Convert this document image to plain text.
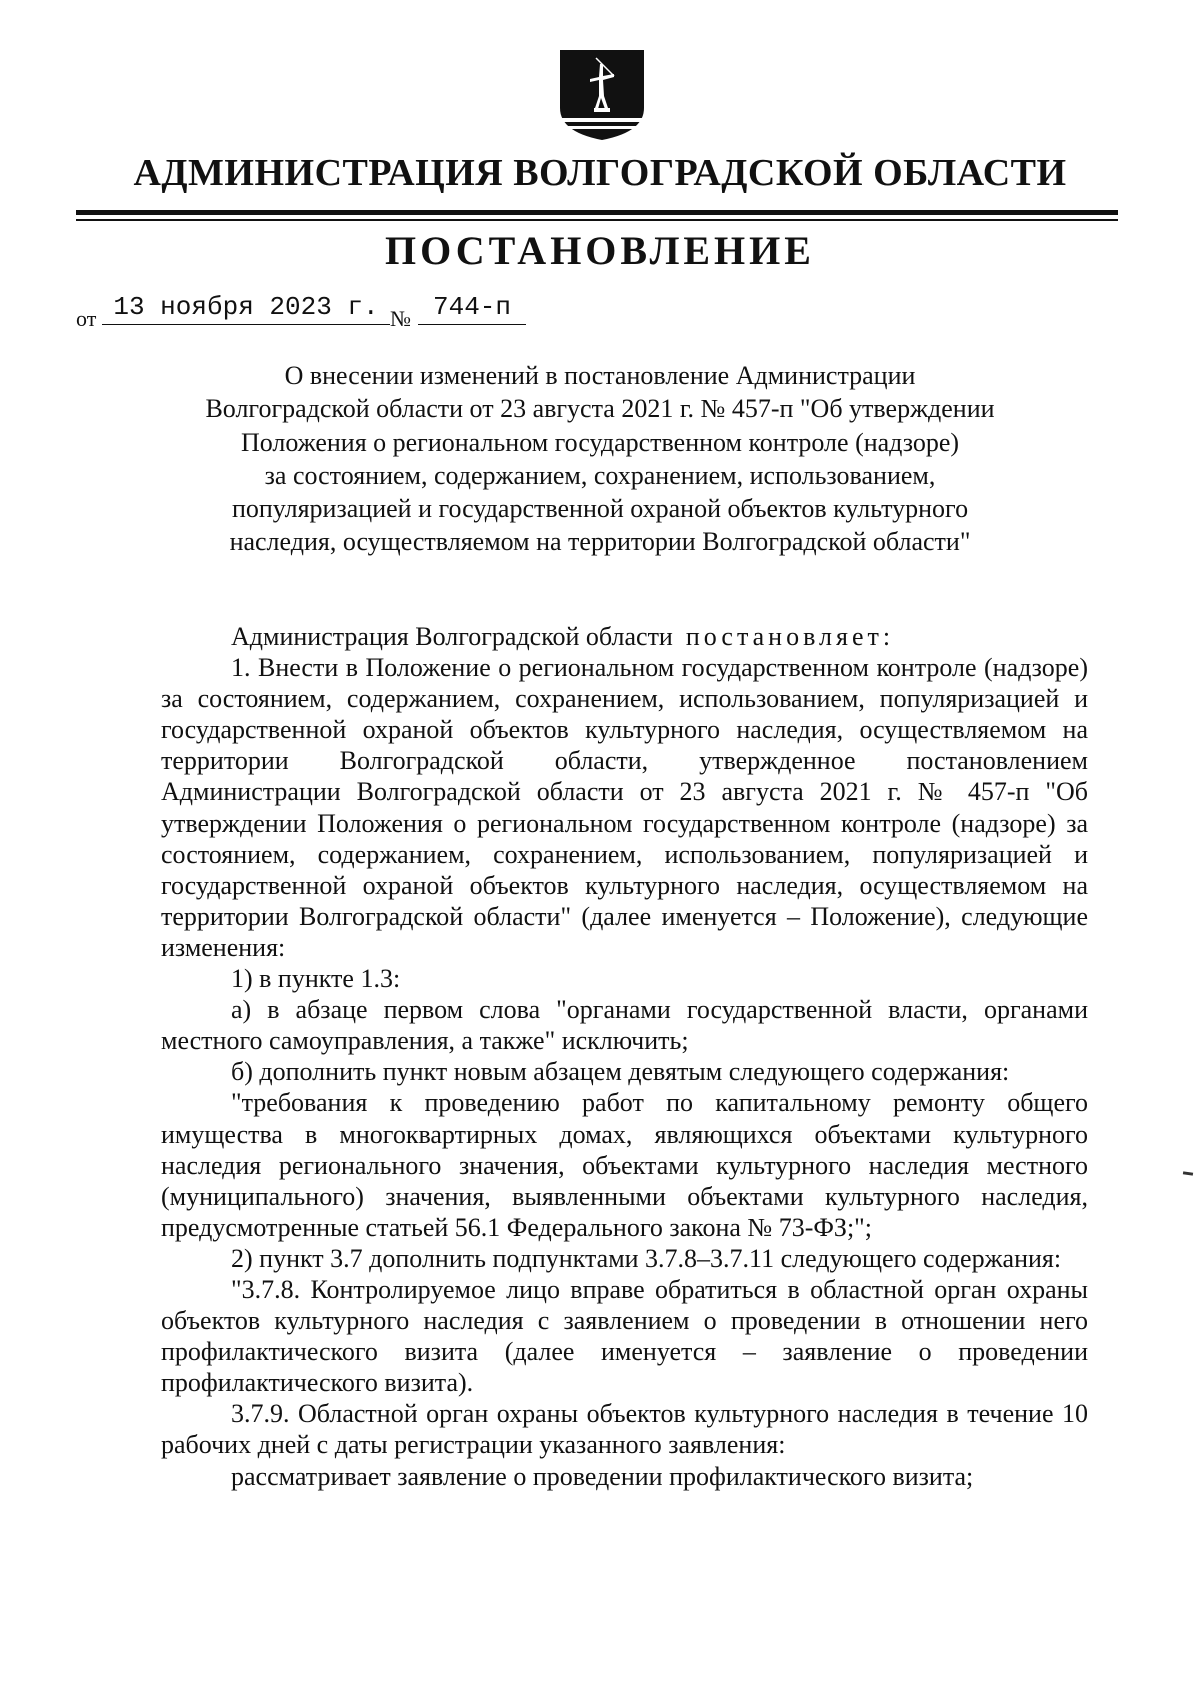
АДМИНИСТРАЦИЯ ВОЛГОГРАДСКОЙ ОБЛАСТИ
ПОСТАНОВЛЕНИЕ
от 13 ноября 2023 г. № 744-п
О внесении изменений в постановление Администрации
Волгоградской области от 23 августа 2021 г. № 457-п "Об утверждении
Положения о региональном государственном контроле (надзоре)
за состоянием, содержанием, сохранением, использованием,
популяризацией и государственной охраной объектов культурного
наследия, осуществляемом на территории Волгоградской области"

Администрация Волгоградской области постановляет:

1. Внести в Положение о региональном государственном контроле (надзоре) за состоянием, содержанием, сохранением, использованием, популяризацией и государственной охраной объектов культурного наследия, осуществляемом на территории Волгоградской области, утвержденное постановлением Администрации Волгоградской области от 23 августа 2021 г. № 457-п "Об утверждении Положения о региональном государственном контроле (надзоре) за состоянием, содержанием, сохранением, использованием, популяризацией и государственной охраной объектов культурного наследия, осуществляемом на территории Волгоградской области" (далее именуется – Положение), следующие изменения:

1) в пункте 1.3:

а) в абзаце первом слова "органами государственной власти, органами местного самоуправления, а также" исключить;

б) дополнить пункт новым абзацем девятым следующего содержания:

"требования к проведению работ по капитальному ремонту общего имущества в многоквартирных домах, являющихся объектами культурного наследия регионального значения, объектами культурного наследия местного (муниципального) значения, выявленными объектами культурного наследия, предусмотренные статьей 56.1 Федерального закона № 73-ФЗ;";

2) пункт 3.7 дополнить подпунктами 3.7.8–3.7.11 следующего содержания:

"3.7.8. Контролируемое лицо вправе обратиться в областной орган охраны объектов культурного наследия с заявлением о проведении в отношении него профилактического визита (далее именуется – заявление о проведении профилактического визита).

3.7.9. Областной орган охраны объектов культурного наследия в течение 10 рабочих дней с даты регистрации указанного заявления:

рассматривает заявление о проведении профилактического визита;
